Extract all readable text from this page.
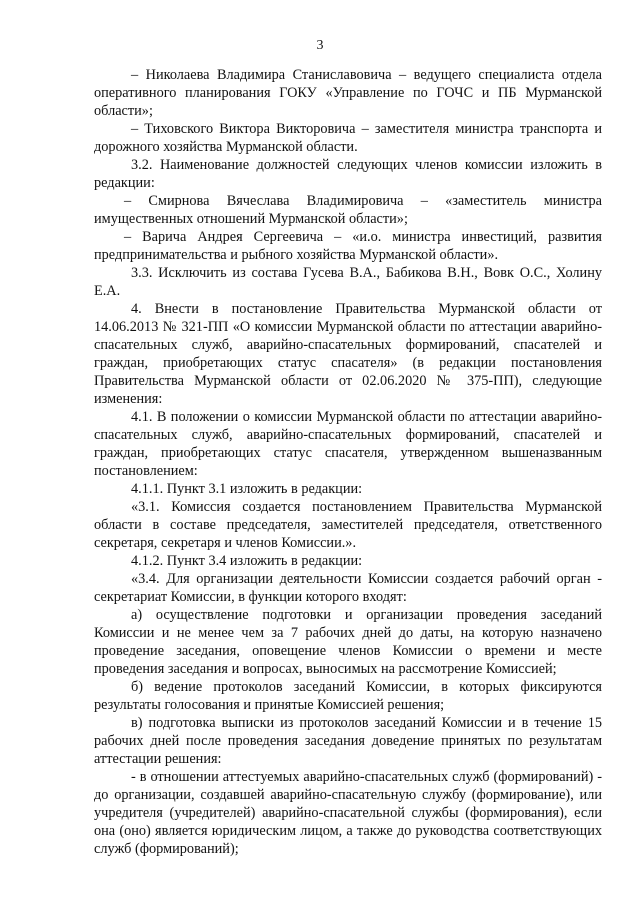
3

– Николаева Владимира Станиславовича – ведущего специалиста отдела оперативного планирования ГОКУ «Управление по ГОЧС и ПБ Мурманской области»;

– Тиховского Виктора Викторовича – заместителя министра транспорта и дорожного хозяйства Мурманской области.

3.2. Наименование должностей следующих членов комиссии изложить в редакции:

– Смирнова Вячеслава Владимировича – «заместитель министра имущественных отношений Мурманской области»;

– Варича Андрея Сергеевича – «и.о. министра инвестиций, развития предпринимательства и рыбного хозяйства Мурманской области».

3.3. Исключить из состава Гусева В.А., Бабикова В.Н., Вовк О.С., Холину Е.А.

4. Внести в постановление Правительства Мурманской области от 14.06.2013 № 321-ПП «О комиссии Мурманской области по аттестации аварийно-спасательных служб, аварийно-спасательных формирований, спасателей и граждан, приобретающих статус спасателя» (в редакции постановления Правительства Мурманской области от 02.06.2020 № 375-ПП), следующие изменения:

4.1. В положении о комиссии Мурманской области по аттестации аварийно-спасательных служб, аварийно-спасательных формирований, спасателей и граждан, приобретающих статус спасателя, утвержденном вышеназванным постановлением:

4.1.1. Пункт 3.1 изложить в редакции:

«3.1. Комиссия создается постановлением Правительства Мурманской области в составе председателя, заместителей председателя, ответственного секретаря, секретаря и членов Комиссии.».

4.1.2. Пункт 3.4 изложить в редакции:

«3.4. Для организации деятельности Комиссии создается рабочий орган - секретариат Комиссии, в функции которого входят:

а) осуществление подготовки и организации проведения заседаний Комиссии и не менее чем за 7 рабочих дней до даты, на которую назначено проведение заседания, оповещение членов Комиссии о времени и месте проведения заседания и вопросах, выносимых на рассмотрение Комиссией;

б) ведение протоколов заседаний Комиссии, в которых фиксируются результаты голосования и принятые Комиссией решения;

в) подготовка выписки из протоколов заседаний Комиссии и в течение 15 рабочих дней после проведения заседания доведение принятых по результатам аттестации решения:

- в отношении аттестуемых аварийно-спасательных служб (формирований) - до организации, создавшей аварийно-спасательную службу (формирование), или учредителя (учредителей) аварийно-спасательной службы (формирования), если она (оно) является юридическим лицом, а также до руководства соответствующих служб (формирований);
